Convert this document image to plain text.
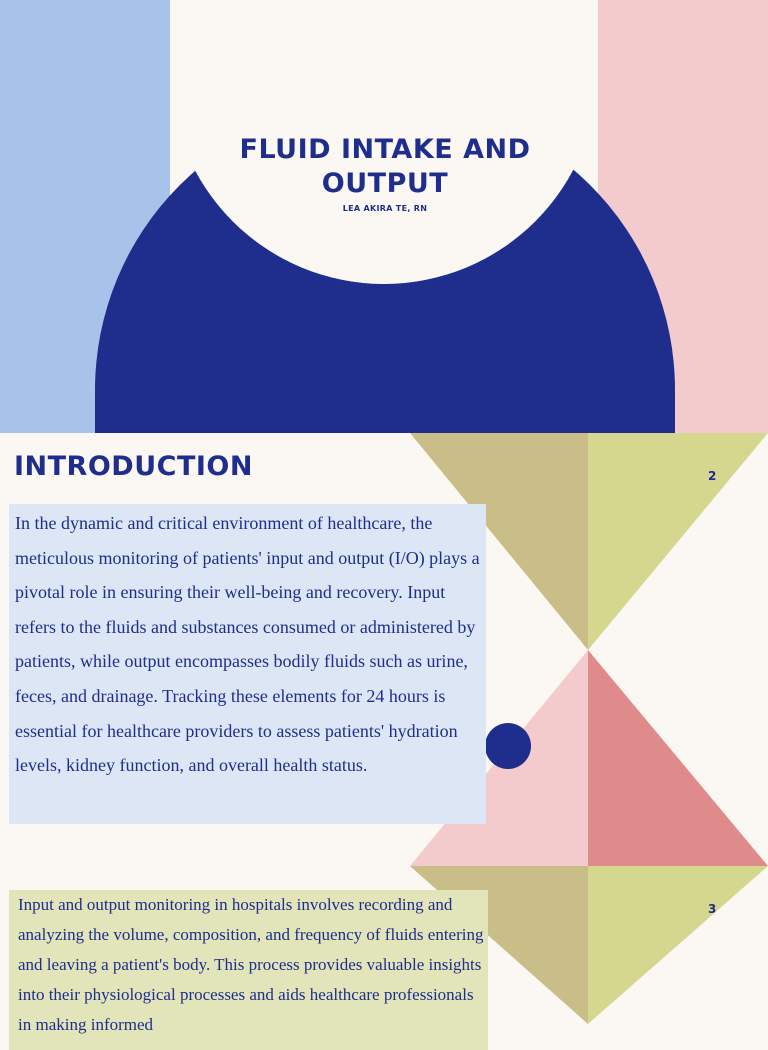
FLUID INTAKE AND OUTPUT

LEA AKIRA TE, RN

INTRODUCTION	2

In the dynamic and critical environment of healthcare, the meticulous monitoring of patients' input and output (I/O) plays a pivotal role in ensuring their well-being and recovery. Input refers to the fluids and substances consumed or administered by patients, while output encompasses bodily fluids such as urine, feces, and drainage. Tracking these elements for 24 hours is essential for healthcare providers to assess patients' hydration levels, kidney function, and overall health status.

3

Input and output monitoring in hospitals involves recording and analyzing the volume, composition, and frequency of fluids entering and leaving a patient's body. This process provides valuable insights into their physiological processes and aids healthcare professionals in making informed
